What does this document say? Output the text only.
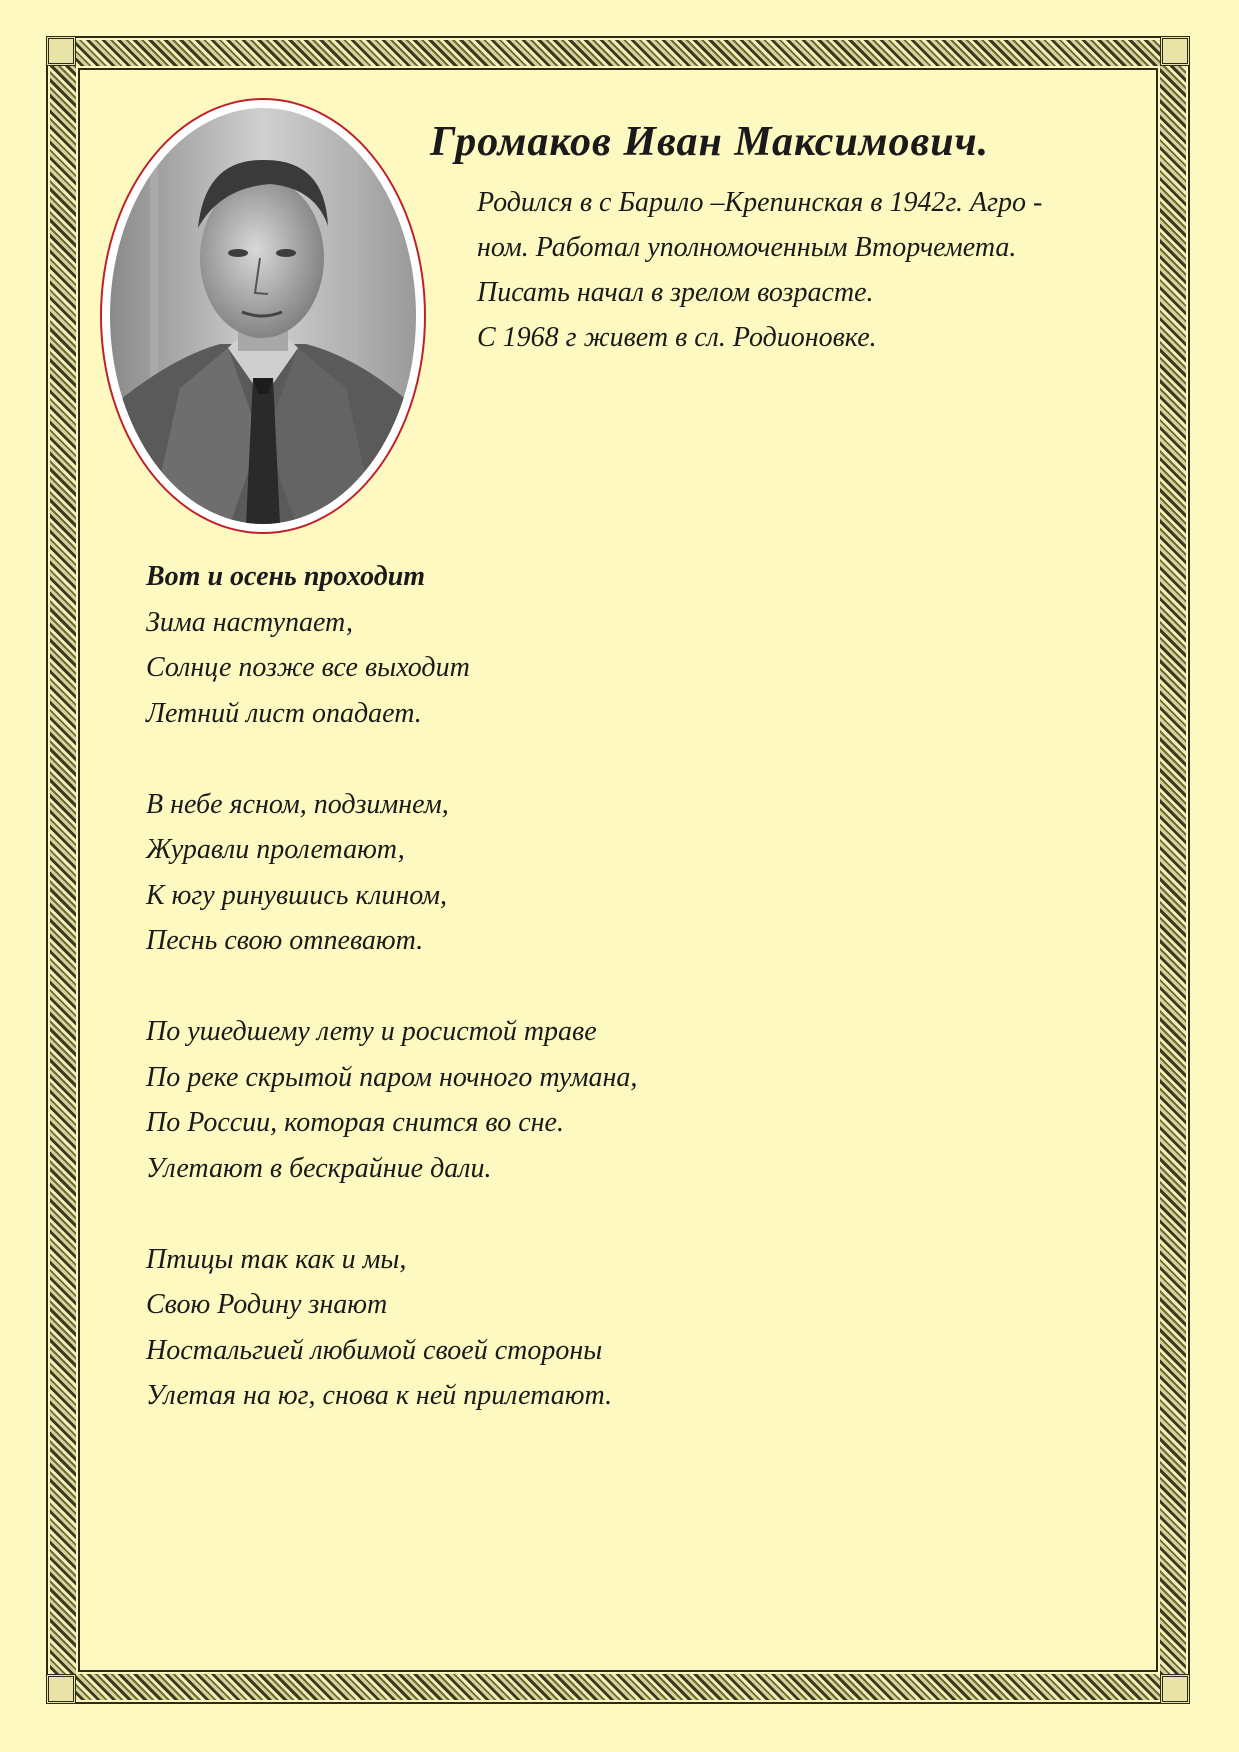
Громаков Иван Максимович.
Родился в с Барило –Крепинская в 1942г. Агро -
ном. Работал уполномоченным Вторчемета.
Писать начал в зрелом возрасте.
С 1968 г живет в сл. Родионовке.
Вот и осень проходит
Зима наступает,
Солнце позже все выходит
Летний лист опадает.
В небе ясном, подзимнем,
Журавли пролетают,
К югу ринувшись клином,
Песнь свою отпевают.
По ушедшему лету и росистой траве
По реке скрытой паром ночного тумана,
По России, которая снится во сне.
Улетают в бескрайние дали.
Птицы так как и мы,
Свою Родину знают
Ностальгией любимой своей стороны
Улетая на юг, снова к ней прилетают.
